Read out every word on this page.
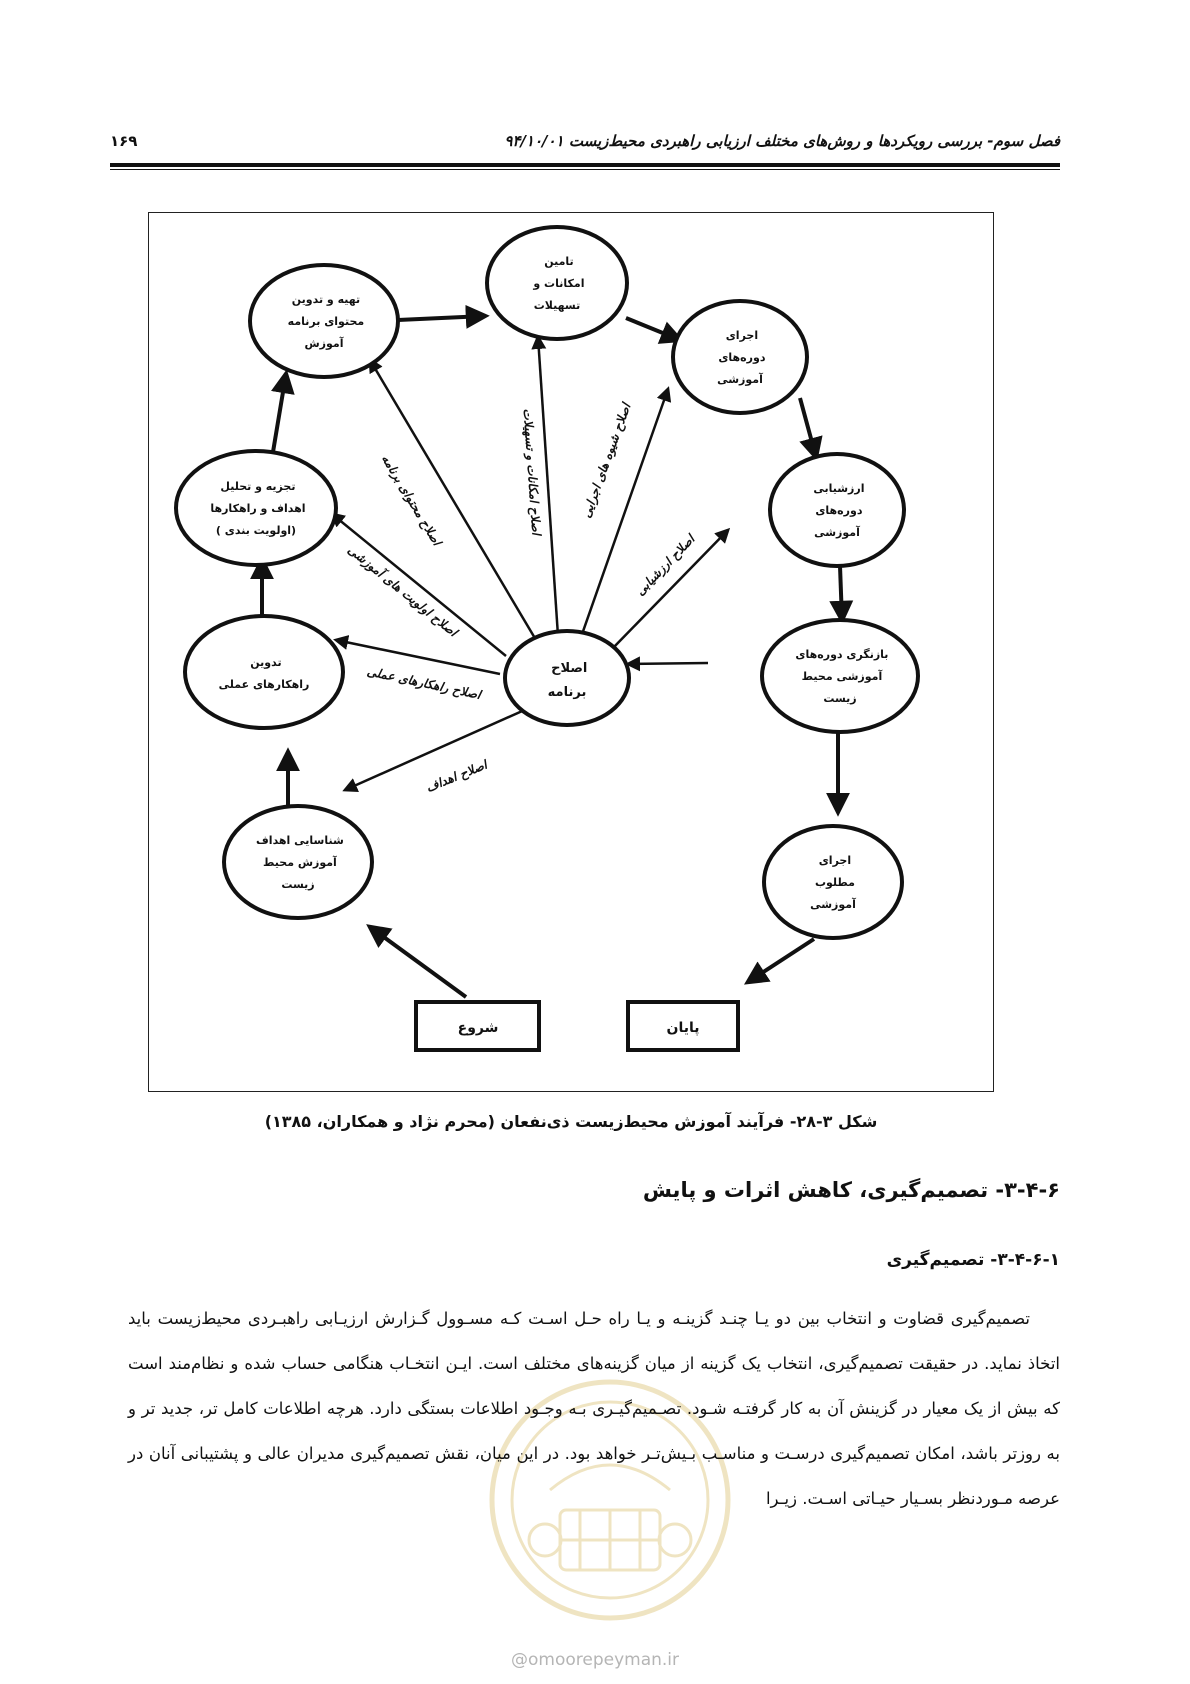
فصل سوم- بررسی رویکردها و روش‌های مختلف ارزیابی راهبردی محیط‌زیست ۹۴/۱۰/۰۱
۱۶۹
تهیه و تدوین محتوای برنامه آموزش
تامین امکانات و تسهیلات
اجرای دوره‌های آموزشی
ارزشیابی دوره‌های آموزشی
بازنگری دوره‌های آموزشی محیط زیست
اجرای مطلوب آموزشی
تجزیه و تحلیل اهداف و راهکارها (اولویت بندی )
تدوین راهکارهای عملی
شناسایی اهداف آموزش محیط زیست
اصلاح برنامه
شروع	پایان
اصلاح محتوای برنامه	اصلاح امکانات و تسهیلات	اصلاح شیوه های اجرایی
اصلاح ارزشیابی
اصلاح اولویت های آموزشی
اصلاح راهکارهای عملی
اصلاح اهداف
شکل ۳-۲۸- فرآیند آموزش محیط‌زیست ذی‌نفعان (محرم نژاد و همکاران، ۱۳۸۵)
۳-۴-۶- تصمیم‌گیری، کاهش اثرات و پایش
۳-۴-۶-۱- تصمیم‌گیری
تصمیم‌گیری قضاوت و انتخاب بین دو یـا چنـد گزینـه و یـا راه حـل اسـت کـه مسـوول گـزارش ارزیـابی راهبـردی محیط‌زیست باید اتخاذ نماید. در حقیقت تصمیم‌گیری، انتخاب یک گزینه از میان گزینه‌های مختلف است. ایـن انتخـاب هنگامی حساب شده و نظام‌مند است که بیش از یک معیار در گزینش آن به کار گرفتـه شـود. تصـمیم‌گیـری بـه وجـود اطلاعات بستگی دارد. هرچه اطلاعات کامل تر، جدید تر و به روزتر باشد، امکان تصمیم‌گیری درسـت و مناسـب بـیش‌تـر خواهد بود. در این میان، نقش تصمیم‌گیری مدیران عالی و پشتیبانی آنان در عرصه مـوردنظر بسـیار حیـاتی اسـت. زیـرا
@omoorepeyman.ir
